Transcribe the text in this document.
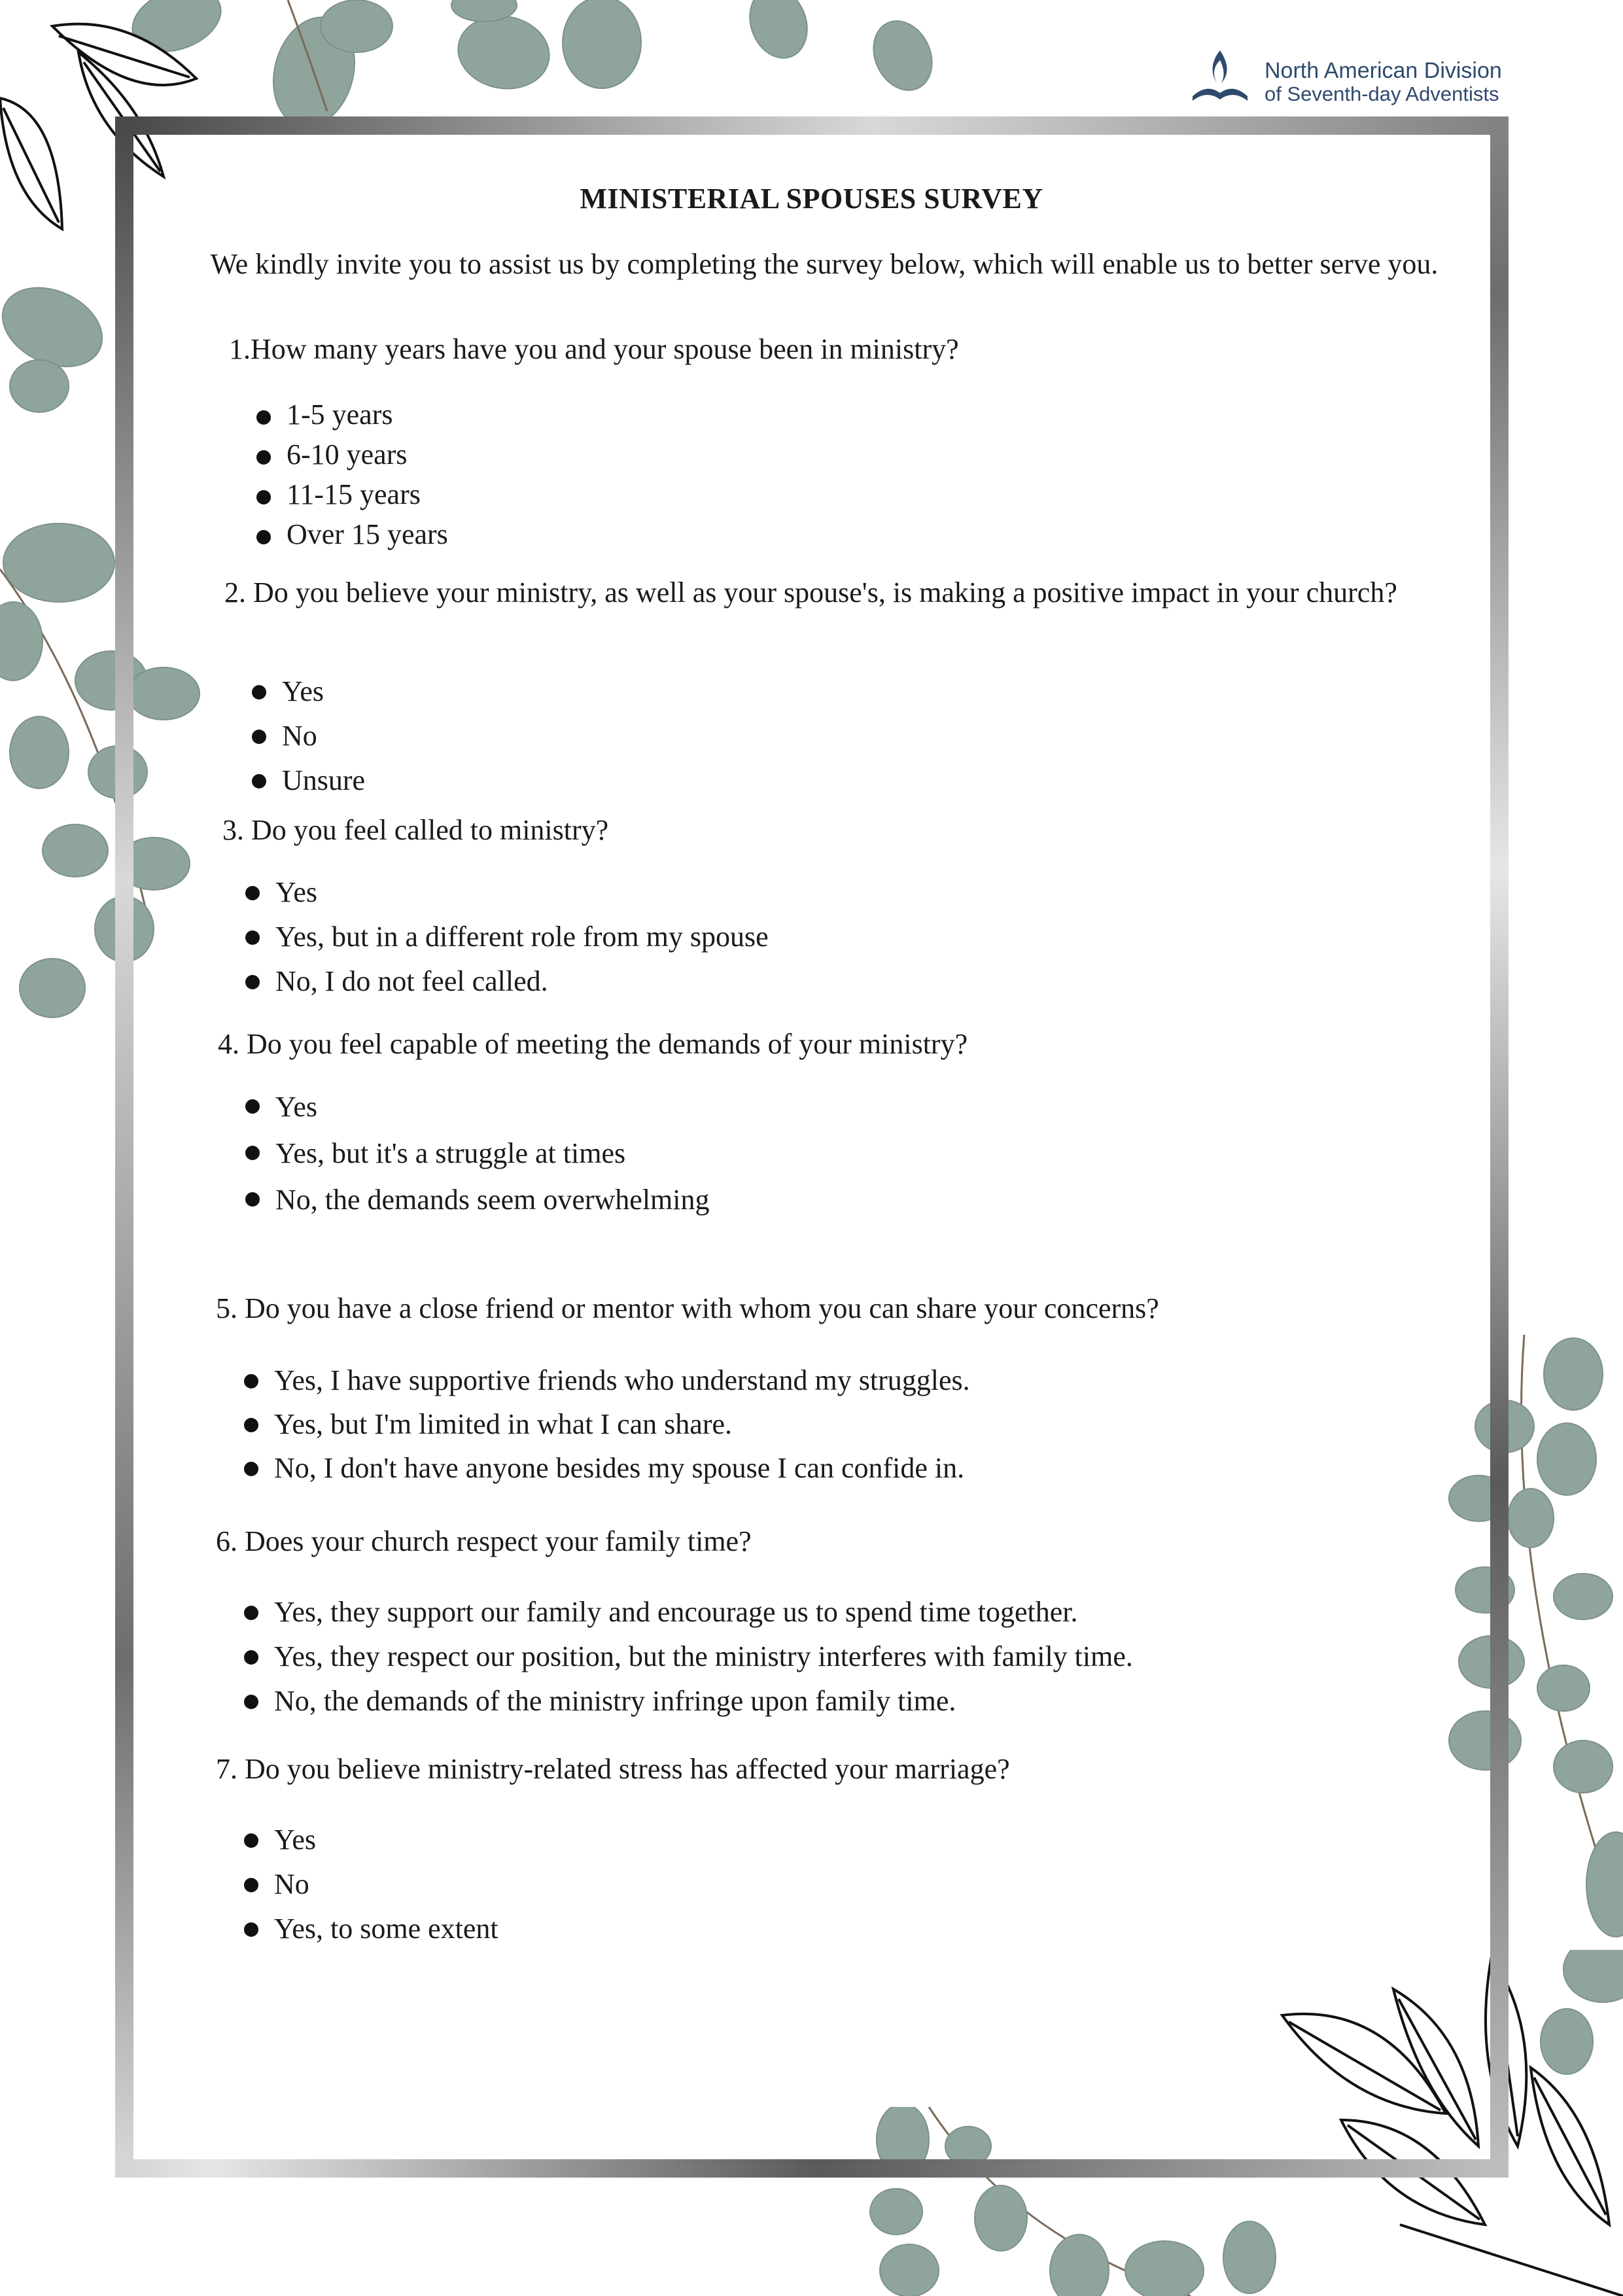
North American Division
of Seventh-day Adventists
MINISTERIAL SPOUSES SURVEY
We kindly invite you to assist us by completing the survey below, which will enable us to better serve you.
1.How many years have you and your spouse been in ministry?
1-5 years
6-10 years
11-15 years
Over 15 years
2. Do you believe your ministry, as well as your spouse's, is making a positive impact in your church?
Yes
No
Unsure
3. Do you feel called to ministry?
Yes
Yes, but in a different role from my spouse
No, I do not feel called.
4. Do you feel capable of meeting the demands of your ministry?
Yes
Yes, but it's a struggle at times
No, the demands seem overwhelming
5. Do you have a close friend or mentor with whom you can share your concerns?
Yes, I have supportive friends who understand my struggles.
Yes, but I'm limited in what I can share.
No, I don't have anyone besides my spouse I can confide in.
6. Does your church respect your family time?
Yes, they support our family and encourage us to spend time together.
Yes, they respect our position, but the ministry interferes with family time.
No, the demands of the ministry infringe upon family time.
7. Do you believe ministry-related stress has affected your marriage?
Yes
No
Yes, to some extent
